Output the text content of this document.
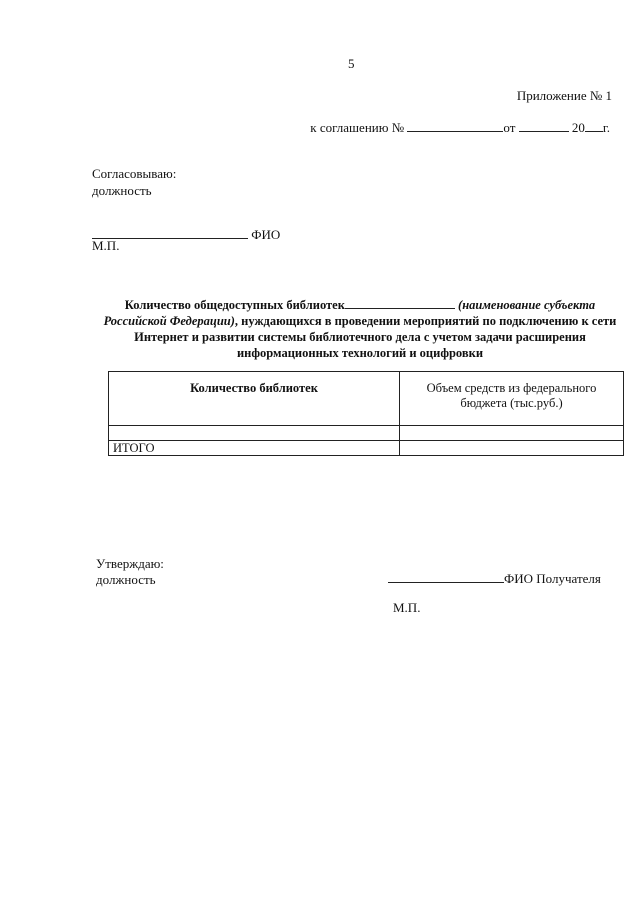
5
Приложение № 1
к соглашению №	от	20 г.
Согласовываю:
должность
ФИО
М.П.
Количество общедоступных библиотек	(наименование субъекта Российской Федерации), нуждающихся в проведении мероприятий по подключению к сети Интернет и развитии системы библиотечного дела с учетом задачи расширения информационных технологий и оцифровки
Количество библиотек	Объем средств из федерального бюджета (тыс.руб.)

ИТОГО	
Утверждаю:
должность	ФИО Получателя
М.П.
